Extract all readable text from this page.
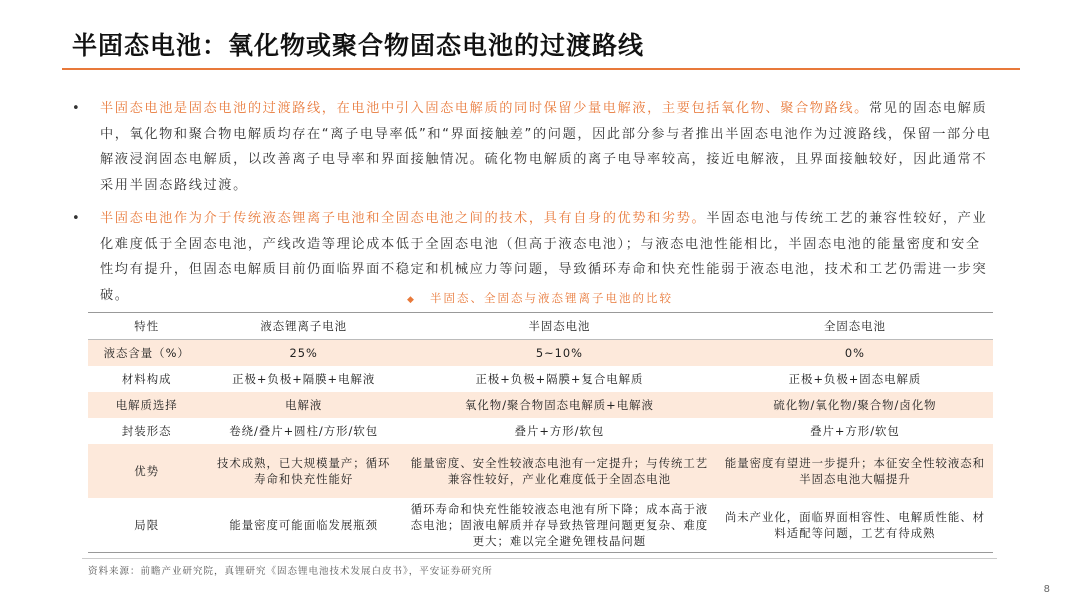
半固态电池：氧化物或聚合物固态电池的过渡路线
• 半固态电池是固态电池的过渡路线，在电池中引入固态电解质的同时保留少量电解液，主要包括氧化物、聚合物路线。常见的固态电解质中，氧化物和聚合物电解质均存在“离子电导率低”和“界面接触差”的问题，因此部分参与者推出半固态电池作为过渡路线，保留一部分电解液浸润固态电解质，以改善离子电导率和界面接触情况。硫化物电解质的离子电导率较高，接近电解液，且界面接触较好，因此通常不采用半固态路线过渡。
• 半固态电池作为介于传统液态锂离子电池和全固态电池之间的技术，具有自身的优势和劣势。半固态电池与传统工艺的兼容性较好，产业化难度低于全固态电池，产线改造等理论成本低于全固态电池（但高于液态电池）；与液态电池性能相比，半固态电池的能量密度和安全性均有提升，但固态电解质目前仍面临界面不稳定和机械应力等问题，导致循环寿命和快充性能弱于液态电池，技术和工艺仍需进一步突破。	◆ 半固态、全固态与液态锂离子电池的比较
特性	液态锂离子电池	半固态电池	全固态电池
液态含量（%）	25%	5~10%	0%
材料构成	正极+负极+隔膜+电解液	正极+负极+隔膜+复合电解质	正极+负极+固态电解质
电解质选择	电解液	氧化物/聚合物固态电解质+电解液	硫化物/氧化物/聚合物/卤化物
封装形态	卷绕/叠片+圆柱/方形/软包	叠片+方形/软包	叠片+方形/软包
优势	技术成熟，已大规模量产；循环寿命和快充性能好	能量密度、安全性较液态电池有一定提升；与传统工艺兼容性较好，产业化难度低于全固态电池	能量密度有望进一步提升；本征安全性较液态和半固态电池大幅提升
局限	能量密度可能面临发展瓶颈	循环寿命和快充性能较液态电池有所下降；成本高于液态电池；固液电解质并存导致热管理问题更复杂、难度更大；难以完全避免锂枝晶问题	尚未产业化，面临界面相容性、电解质性能、材料适配等问题，工艺有待成熟
资料来源：前瞻产业研究院，真锂研究《固态锂电池技术发展白皮书》，平安证券研究所
8
